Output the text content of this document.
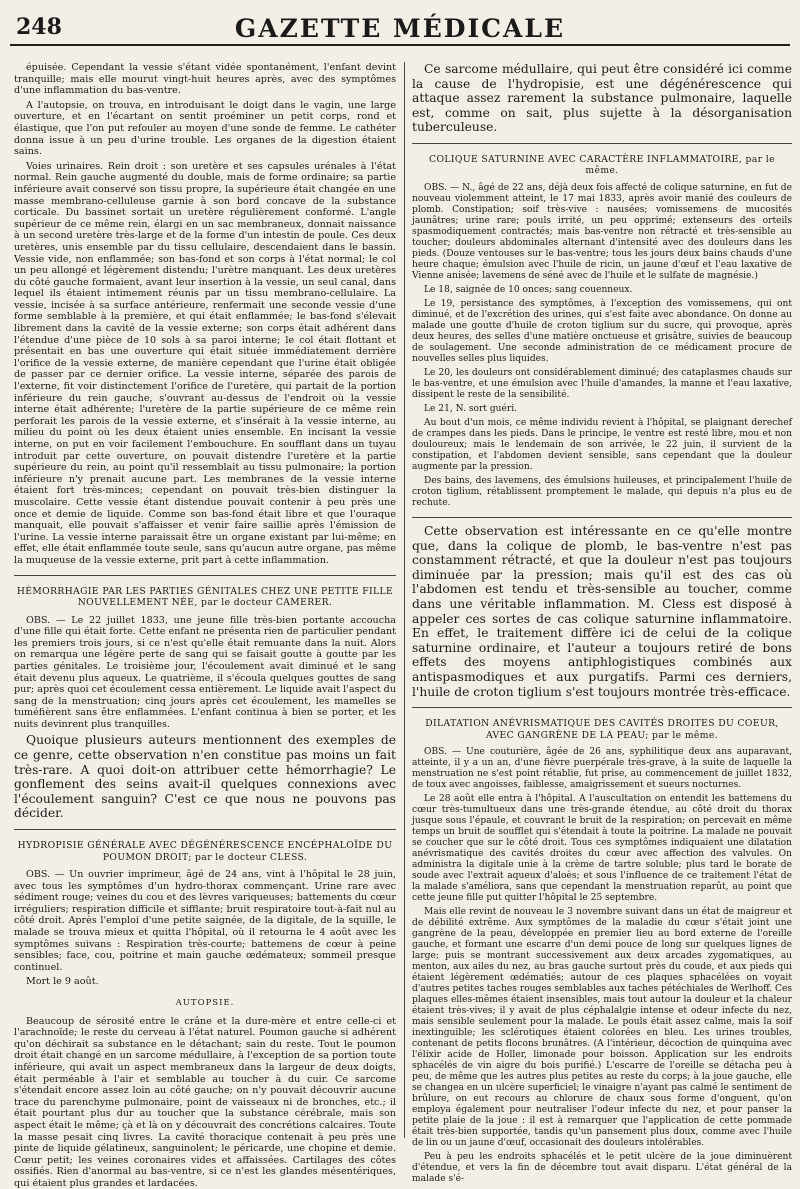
248	GAZETTE MÉDICALE

épuisée. Cependant la vessie s'étant vidée spontanément, l'enfant devint tranquille; mais elle mourut vingt-huit heures après, avec des symptômes d'une inflammation du bas-ventre.

A l'autopsie, on trouva, en introduisant le doigt dans le vagin, une large ouverture, et en l'écartant on sentit proéminer un petit corps, rond et élastique, que l'on put refouler au moyen d'une sonde de femme. Le cathéter donna issue à un peu d'urine trouble. Les organes de la digestion étaient sains.

Voies urinaires. Rein droit : son uretère et ses capsules urénales à l'état normal. Rein gauche augmenté du double, mais de forme ordinaire; sa partie inférieure avait conservé son tissu propre, la supérieure était changée en une masse membrano-celluleuse garnie à son bord concave de la substance corticale. Du bassinet sortait un uretère régulièrement conformé. L'angle supérieur de ce même rein, élargi en un sac membraneux, donnait naissance à un second uretère très-large et de la forme d'un intestin de poule. Ces deux uretères, unis ensemble par du tissu cellulaire, descendaient dans le bassin. Vessie vide, non enflammée; son bas-fond et son corps à l'état normal; le col un peu allongé et légèrement distendu; l'urètre manquant. Les deux uretères du côté gauche formaient, avant leur insertion à la vessie, un seul canal, dans lequel ils étaient intimement réunis par un tissu membrano-cellulaire. La vessie, incisée à sa surface antérieure, renfermait une seconde vessie d'une forme semblable à la première, et qui était enflammée; le bas-fond s'élevait librement dans la cavité de la vessie externe; son corps était adhérent dans l'étendue d'une pièce de 10 sols à sa paroi interne; le col était flottant et présentait en bas une ouverture qui était située immédiatement derrière l'orifice de la vessie externe, de manière cependant que l'urine était obligée de passer par ce dernier orifice. La vessie interne, séparée des parois de l'externe, fit voir distinctement l'orifice de l'uretère, qui partait de la portion inférieure du rein gauche, s'ouvrant au-dessus de l'endroit où la vessie interne était adhérente; l'uretère de la partie supérieure de ce même rein perforait les parois de la vessie externe, et s'insérait à la vessie interne, au milieu du point où les deux étaient unies ensemble. En incisant la vessie interne, on put en voir facilement l'embouchure. En soufflant dans un tuyau introduit par cette ouverture, on pouvait distendre l'uretère et la partie supérieure du rein, au point qu'il ressemblait au tissu pulmonaire; la portion inférieure n'y prenait aucune part. Les membranes de la vessie interne étaient fort très-minces; cependant on pouvait très-bien distinguer la muscolaire. Cette vessie étant distendue pouvait contenir à peu près une once et demie de liquide. Comme son bas-fond était libre et que l'ouraque manquait, elle pouvait s'affaisser et venir faire saillie après l'émission de l'urine. La vessie interne paraissait être un organe existant par lui-même; en effet, elle était enflammée toute seule, sans qu'aucun autre organe, pas même la muqueuse de la vessie externe, prit part à cette inflammation.

HÉMORRHAGIE PAR LES PARTIES GÉNITALES CHEZ UNE PETITE FILLE NOUVELLEMENT NÉE, par le docteur CAMERER.

OBS. — Le 22 juillet 1833, une jeune fille très-bien portante accoucha d'une fille qui était forte. Cette enfant ne présenta rien de particulier pendant les premiers trois jours, si ce n'est qu'elle était remuante dans la nuit. Alors on remarqua une légère perte de sang qui se faisait goutte à goutte par les parties génitales. Le troisième jour, l'écoulement avait diminué et le sang était devenu plus aqueux. Le quatrième, il s'écoula quelques gouttes de sang pur; après quoi cet écoulement cessa entièrement. Le liquide avait l'aspect du sang de la menstruation; cinq jours après cet écoulement, les mamelles se tuméfièrent sans être enflammées. L'enfant continua à bien se porter, et les nuits devinrent plus tranquilles.

Quoique plusieurs auteurs mentionnent des exemples de ce genre, cette observation n'en constitue pas moins un fait très-rare. A quoi doit-on attribuer cette hémorrhagie? Le gonflement des seins avait-il quelques connexions avec l'écoulement sanguin? C'est ce que nous ne pouvons pas décider.

HYDROPISIE GÉNÉRALE AVEC DÉGÉNÉRESCENCE ENCÉPHALOÏDE DU POUMON DROIT; par le docteur CLESS.

OBS. — Un ouvrier imprimeur, âgé de 24 ans, vint à l'hôpital le 28 juin, avec tous les symptômes d'un hydro-thorax commençant. Urine rare avec sédiment rouge; veines du cou et des lèvres variqueuses; battements du cœur irréguliers; respiration difficile et sifflante; bruit respiratoire tout-à-fait nul au côté droit. Après l'emploi d'une petite saignée, de la digitale, de la squille, le malade se trouva mieux et quitta l'hôpital, où il retourna le 4 août avec les symptômes suivans : Respiration très-courte; battemens de cœur à peine sensibles; face, cou, poitrine et main gauche œdémateux; sommeil presque continuel.

Mort le 9 août.

AUTOPSIE.

Beaucoup de sérosité entre le crâne et la dure-mère et entre celle-ci et l'arachnoïde; le reste du cerveau à l'état naturel. Poumon gauche si adhérent qu'on déchirait sa substance en le détachant; sain du reste. Tout le poumon droit était changé en un sarcome médullaire, à l'exception de sa portion toute inférieure, qui avait un aspect membraneux dans la largeur de deux doigts, était perméable à l'air et semblable au toucher à du cuir. Ce sarcome s'étendait encore assez loin au côté gauche; on n'y pouvait découvrir aucune trace du parenchyme pulmonaire, point de vaisseaux ni de bronches, etc.; il était pourtant plus dur au toucher que la substance cérébrale, mais son aspect était le même; çà et là on y découvrait des concrétions calcaires. Toute la masse pesait cinq livres. La cavité thoracique contenait à peu près une pinte de liquide gélatineux, sanguinolent; le péricarde, une chopine et demie. Cœur petit; les veines coronaires vides et affaissées. Cartilages des côtes ossifiés. Rien d'anormal au bas-ventre, si ce n'est les glandes mésentériques, qui étaient plus grandes et lardacées.

Ce sarcome médullaire, qui peut être considéré ici comme la cause de l'hydropisie, est une dégénérescence qui attaque assez rarement la substance pulmonaire, laquelle est, comme on sait, plus sujette à la désorganisation tuberculeuse.

COLIQUE SATURNINE AVEC CARACTÈRE INFLAMMATOIRE, par le même.

OBS. — N., âgé de 22 ans, déjà deux fois affecté de colique saturnine, en fut de nouveau violemment atteint, le 17 mai 1833, après avoir manié des couleurs de plomb. Constipation; soif très-vive : nausées; vomissemens de mucosités jaunâtres; urine rare; pouls irrité, un peu opprimé; extenseurs des orteils spasmodiquement contractés; mais bas-ventre non rétracté et très-sensible au toucher; douleurs abdominales alternant d'intensité avec des douleurs dans les pieds. (Douze ventouses sur le bas-ventre; tous les jours deux bains chauds d'une heure chaque; émulsion avec l'huile de ricin, un jaune d'œuf et l'eau laxative de Vienne anisée; lavemens de séné avec de l'huile et le sulfate de magnésie.)

Le 18, saignée de 10 onces; sang couenneux.

Le 19, persistance des symptômes, à l'exception des vomissemens, qui ont diminué, et de l'excrétion des urines, qui s'est faite avec abondance. On donne au malade une goutte d'huile de croton tiglium sur du sucre, qui provoque, après deux heures, des selles d'une matière onctueuse et grisâtre, suivies de beaucoup de soulagement. Une seconde administration de ce médicament procure de nouvelles selles plus liquides.

Le 20, les douleurs ont considérablement diminué; des cataplasmes chauds sur le bas-ventre, et une émulsion avec l'huile d'amandes, la manne et l'eau laxative, dissipent le reste de la sensibilité.

Le 21, N. sort guéri.

Au bout d'un mois, ce même individu revient à l'hôpital, se plaignant derechef de crampes dans les pieds. Dans le principe, le ventre est resté libre, mou et non douloureux; mais le lendemain de son arrivée, le 22 juin, il survient de la constipation, et l'abdomen devient sensible, sans cependant que la douleur augmente par la pression.

Des bains, des lavemens, des émulsions huileuses, et principalement l'huile de croton tiglium, rétablissent promptement le malade, qui depuis n'a plus eu de rechute.

Cette observation est intéressante en ce qu'elle montre que, dans la colique de plomb, le bas-ventre n'est pas constamment rétracté, et que la douleur n'est pas toujours diminuée par la pression; mais qu'il est des cas où l'abdomen est tendu et très-sensible au toucher, comme dans une véritable inflammation. M. Cless est disposé à appeler ces sortes de cas colique saturnine inflammatoire. En effet, le traitement diffère ici de celui de la colique saturnine ordinaire, et l'auteur a toujours retiré de bons effets des moyens antiphlogistiques combinés aux antispasmodiques et aux purgatifs. Parmi ces derniers, l'huile de croton tiglium s'est toujours montrée très-efficace.

DILATATION ANÉVRISMATIQUE DES CAVITÉS DROITES DU COEUR, AVEC GANGRÈNE DE LA PEAU; par le même.

OBS. — Une couturière, âgée de 26 ans, syphilitique deux ans auparavant, atteinte, il y a un an, d'une fièvre puerpérale très-grave, à la suite de laquelle la menstruation ne s'est point rétablie, fut prise, au commencement de juillet 1832, de toux avec angoisses, faiblesse, amaigrissement et sueurs nocturnes.

Le 28 août elle entra à l'hôpital. A l'auscultation on entendit les battemens du cœur très-tumultueux dans une très-grande étendue, au côté droit du thorax jusque sous l'épaule, et couvrant le bruit de la respiration; on percevait en même temps un bruit de soufflet qui s'étendait à toute la poitrine. La malade ne pouvait se coucher que sur le côté droit. Tous ces symptômes indiquaient une dilatation anévrismatique des cavités droites du cœur avec affection des valvules. On administra la digitale unie à la crème de tartre soluble; plus tard le borate de soude avec l'extrait aqueux d'aloès; et sous l'influence de ce traitement l'état de la malade s'améliora, sans que cependant la menstruation reparût, au point que cette jeune fille put quitter l'hôpital le 25 septembre.

Mais elle revint de nouveau le 3 novembre suivant dans un état de maigreur et de débilité extrême. Aux symptômes de la maladie du cœur s'était joint une gangrène de la peau, développée en premier lieu au bord externe de l'oreille gauche, et formant une escarre d'un demi pouce de long sur quelques lignes de large; puis se montrant successivement aux deux arcades zygomatiques, au menton, aux ailes du nez, au bras gauche surtout près du coude, et aux pieds qui étaient légèrement œdématiés; autour de ces plaques sphacélées on voyait d'autres petites taches rouges semblables aux taches pétéchiales de Werlhoff. Ces plaques elles-mêmes étaient insensibles, mais tout autour la douleur et la chaleur étaient très-vives; il y avait de plus céphalalgie intense et odeur infecte du nez, mais sensible seulement pour la malade. Le pouls était assez calme, mais la soif inextinguible; les sclérotiques étaient colorées en bleu. Les urines troubles, contenant de petits flocons brunâtres. (A l'intérieur, décoction de quinquina avec l'élixir acide de Holler, limonade pour boisson. Application sur les endroits sphacélés de vin aigre du bois purifié.) L'escarre de l'oreille se détacha peu à peu, de même que les autres plus petites au reste du corps; à la joue gauche, elle se changea en un ulcère superficiel; le vinaigre n'ayant pas calmé le sentiment de brûlure, on eut recours au chlorure de chaux sous forme d'onguent, qu'on employa également pour neutraliser l'odeur infecte du nez, et pour panser la petite plaie de la joue : il est à remarquer que l'application de cette pommade était très-bien supportée, tandis qu'un pansement plus doux, comme avec l'huile de lin ou un jaune d'œuf, occasionait des douleurs intolérables.

Peu à peu les endroits sphacélés et le petit ulcère de la joue diminuèrent d'étendue, et vers la fin de décembre tout avait disparu. L'état général de la malade s'é-
